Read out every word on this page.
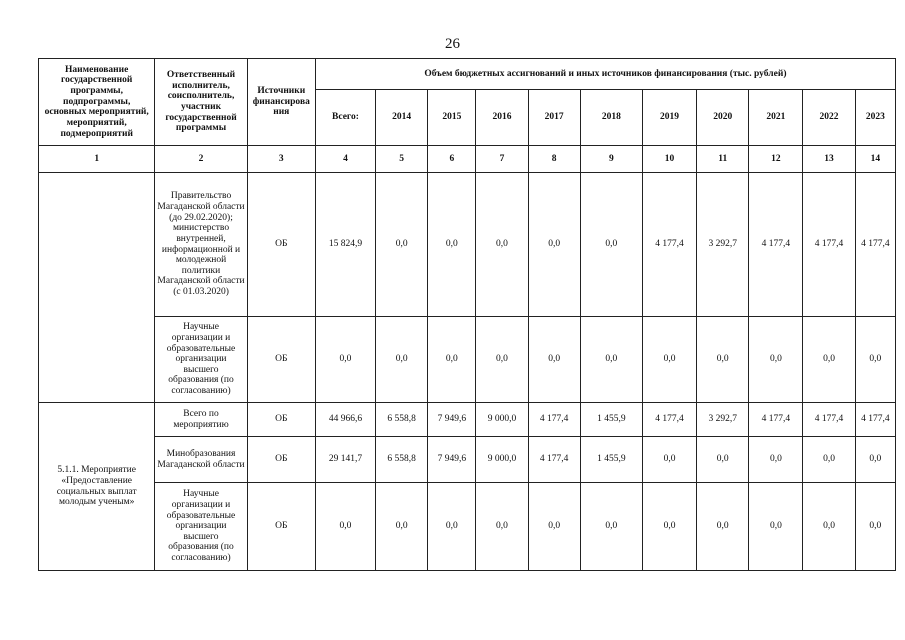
26
Наименование государственной программы, подпрограммы, основных мероприятий, мероприятий, подмероприятий	Ответственный исполнитель, соисполнитель, участник государственной программы	Источники финансирова ния	Объем бюджетных ассигнований и иных источников финансирования (тыс. рублей)										
			Всего:	2014	2015	2016	2017	2018	2019	2020	2021	2022	2023
1	2	3	4	5	6	7	8	9	10	11	12	13	14
	Правительство Магаданской области (до 29.02.2020); министерство внутренней, информационной и молодежной политики Магаданской области (с 01.03.2020)	ОБ	15 824,9	0,0	0,0	0,0	0,0	0,0	4 177,4	3 292,7	4 177,4	4 177,4	4 177,4
	Научные организации и образовательные организации высшего образования (по согласованию)	ОБ	0,0	0,0	0,0	0,0	0,0	0,0	0,0	0,0	0,0	0,0	0,0
5.1.1. Мероприятие «Предоставление социальных выплат молодым ученым»	Всего по мероприятию	ОБ	44 966,6	6 558,8	7 949,6	9 000,0	4 177,4	1 455,9	4 177,4	3 292,7	4 177,4	4 177,4	4 177,4
	Минобразования Магаданской области	ОБ	29 141,7	6 558,8	7 949,6	9 000,0	4 177,4	1 455,9	0,0	0,0	0,0	0,0	0,0
	Научные организации и образовательные организации высшего образования (по согласованию)	ОБ	0,0	0,0	0,0	0,0	0,0	0,0	0,0	0,0	0,0	0,0	0,0
